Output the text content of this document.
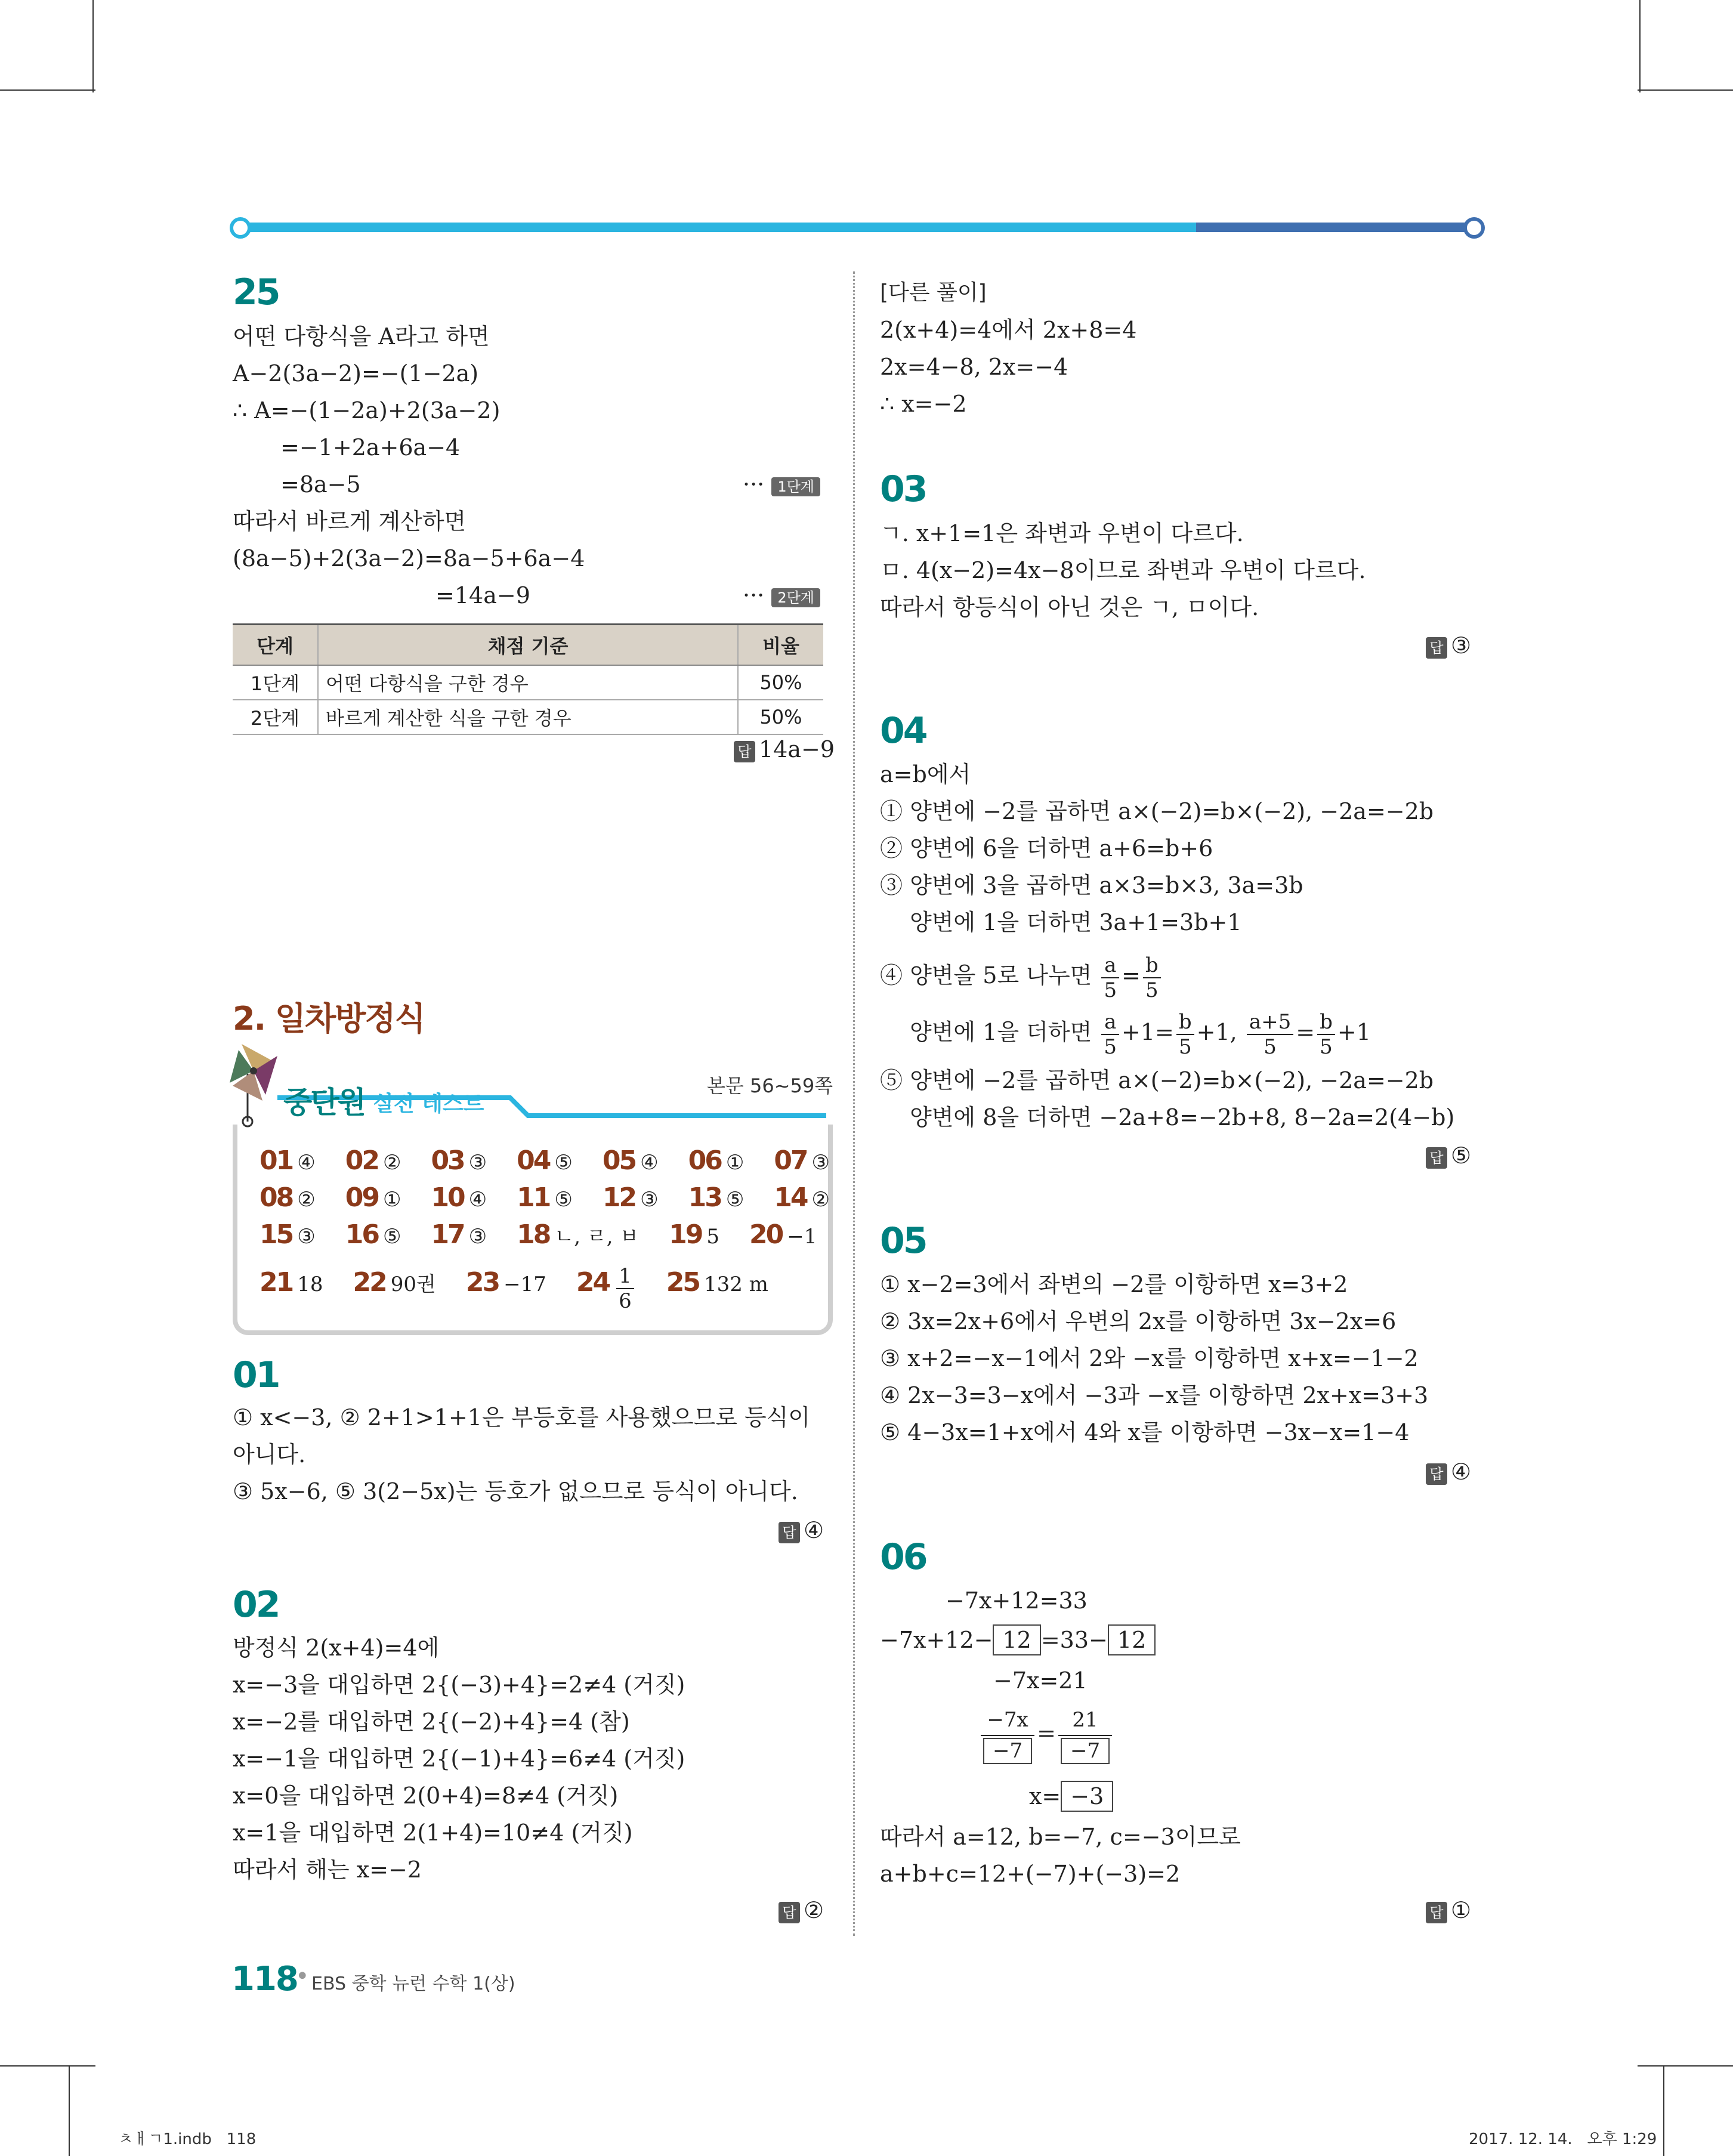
25
어떤 다항식을 A라고 하면
A−2(3a−2)=−(1−2a)
∴ A=−(1−2a)+2(3a−2)
=−1+2a+6a−4
=8a−5	··· 1단계
따라서 바르게 계산하면
(8a−5)+2(3a−2)=8a−5+6a−4
=14a−9	··· 2단계
단계	채점 기준	비율
1단계	어떤 다항식을 구한 경우	50%
2단계	바르게 계산한 식을 구한 경우	50%
답 14a−9
2. 일차방정식
중단원 실전 테스트
본문 56~59쪽
01 ④ 02 ② 03 ③ 04 ⑤ 05 ④ 06 ① 07 ③
08 ② 09 ① 10 ④ 11 ⑤ 12 ③ 13 ⑤ 14 ②
15 ③ 16 ⑤ 17 ③ 18 ㄴ, ㄹ, ㅂ 19 5 20 −1
21 18 22 90권 23 −17 $24 \frac{1}{6} 25$ 132 m
01
① x<−3, ② 2+1>1+1은 부등호를 사용했으므로 등식이
아니다.
③ 5x−6, ⑤ 3(2−5x)는 등호가 없으므로 등식이 아니다.
답 ④
02
방정식 2(x+4)=4에
x=−3을 대입하면 2{(−3)+4}=2≠4 (거짓)
x=−2를 대입하면 2{(−2)+4}=4 (참)
x=−1을 대입하면 2{(−1)+4}=6≠4 (거짓)
x=0을 대입하면 2(0+4)=8≠4 (거짓)
x=1을 대입하면 2(1+4)=10≠4 (거짓)
따라서 해는 x=−2
답 ②
[다른 풀이]
2(x+4)=4에서 2x+8=4
2x=4−8, 2x=−4
∴ x=−2
03
ㄱ. x+1=1은 좌변과 우변이 다르다.
ㅁ. 4(x−2)=4x−8이므로 좌변과 우변이 다르다.
따라서 항등식이 아닌 것은 ㄱ, ㅁ이다.
답 ③
04
a=b에서
① 양변에 −2를 곱하면 a×(−2)=b×(−2), −2a=−2b
② 양변에 6을 더하면 a+6=b+6
③ 양변에 3을 곱하면 a×3=b×3, 3a=3b
양변에 1을 더하면 3a+1=3b+1
④ 양변을 5로 나누면 $\frac{a}{5} = \frac{b}{5}$
양변에 1을 더하면 $\frac{a}{5} +1= \frac{b}{5} +1$, $\frac{a+5}{5} = \frac{b}{5} +1$
⑤ 양변에 −2를 곱하면 a×(−2)=b×(−2), −2a=−2b
양변에 8을 더하면 −2a+8=−2b+8, 8−2a=2(4−b)
답 ⑤
05
① x−2=3에서 좌변의 −2를 이항하면 x=3+2
② 3x=2x+6에서 우변의 2x를 이항하면 3x−2x=6
③ x+2=−x−1에서 2와 −x를 이항하면 x+x=−1−2
④ 2x−3=3−x에서 −3과 −x를 이항하면 2x+x=3+3
⑤ 4−3x=1+x에서 4와 x를 이항하면 −3x−x=1−4
답 ④
06
−7x+12=33
−7x+12− 12 =33− 12
−7x=21
$\frac{-7x}{-7} = \frac{21}{-7}$
x= −3
따라서 a=12, b=−7, c=−3이므로
a+b+c=12+(−7)+(−3)=2
답 ①
118
• EBS 중학 뉴런 수학 1(상)
ㅊㅐㄱ1.indb   118	2017. 12. 14.   오후 1:29
